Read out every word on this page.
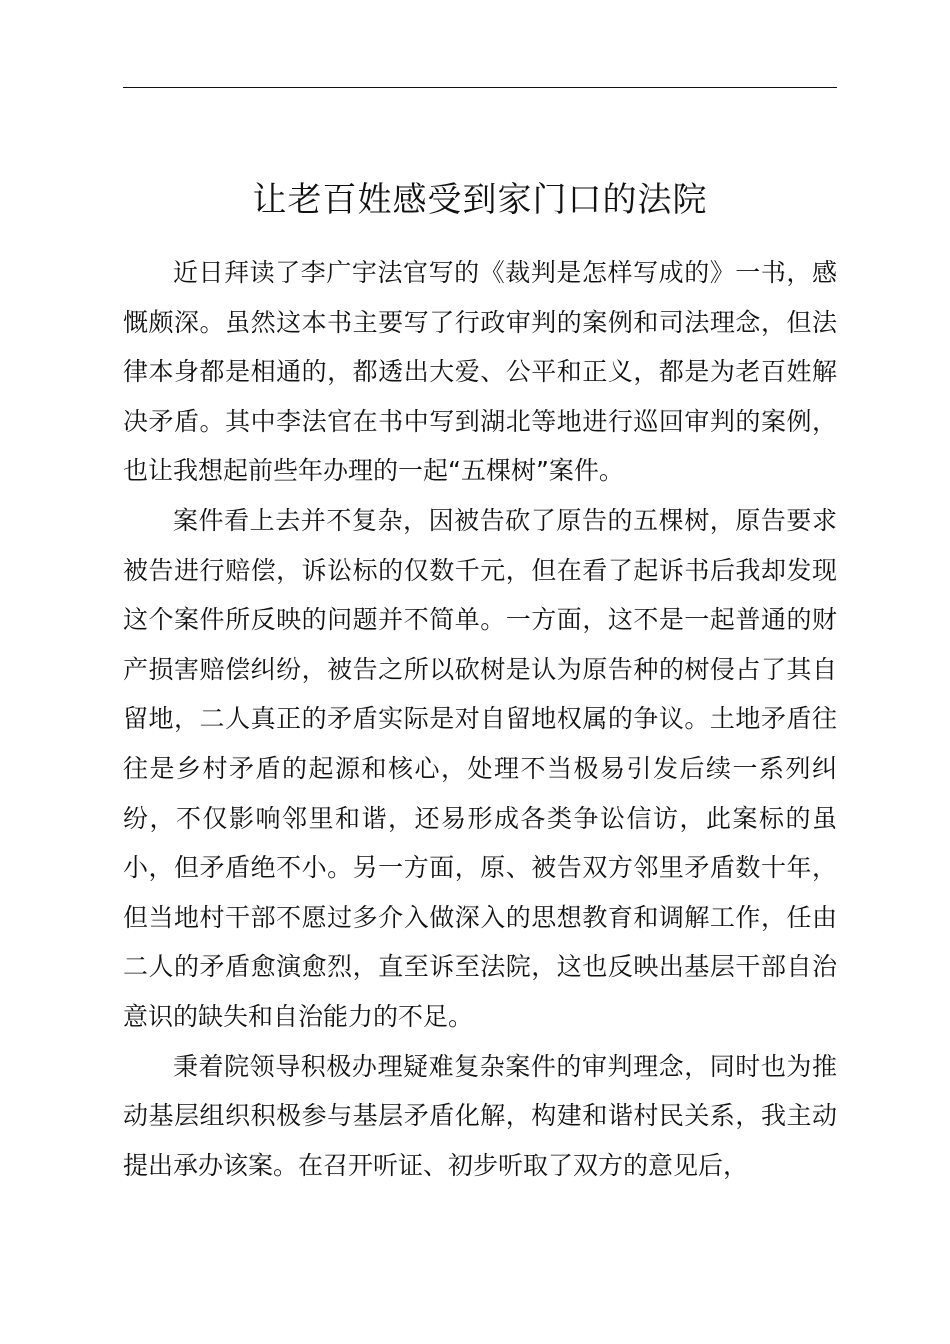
让老百姓感受到家门口的法院

近日拜读了李广宇法官写的《裁判是怎样写成的》一书，感慨颇深。虽然这本书主要写了行政审判的案例和司法理念，但法律本身都是相通的，都透出大爱、公平和正义，都是为老百姓解决矛盾。其中李法官在书中写到湖北等地进行巡回审判的案例，也让我想起前些年办理的一起“五棵树”案件。

案件看上去并不复杂，因被告砍了原告的五棵树，原告要求被告进行赔偿，诉讼标的仅数千元，但在看了起诉书后我却发现这个案件所反映的问题并不简单。一方面，这不是一起普通的财产损害赔偿纠纷，被告之所以砍树是认为原告种的树侵占了其自留地，二人真正的矛盾实际是对自留地权属的争议。土地矛盾往往是乡村矛盾的起源和核心，处理不当极易引发后续一系列纠纷，不仅影响邻里和谐，还易形成各类争讼信访，此案标的虽小，但矛盾绝不小。另一方面，原、被告双方邻里矛盾数十年，但当地村干部不愿过多介入做深入的思想教育和调解工作，任由二人的矛盾愈演愈烈，直至诉至法院，这也反映出基层干部自治意识的缺失和自治能力的不足。

秉着院领导积极办理疑难复杂案件的审判理念，同时也为推动基层组织积极参与基层矛盾化解，构建和谐村民关系，我主动提出承办该案。在召开听证、初步听取了双方的意见后，
